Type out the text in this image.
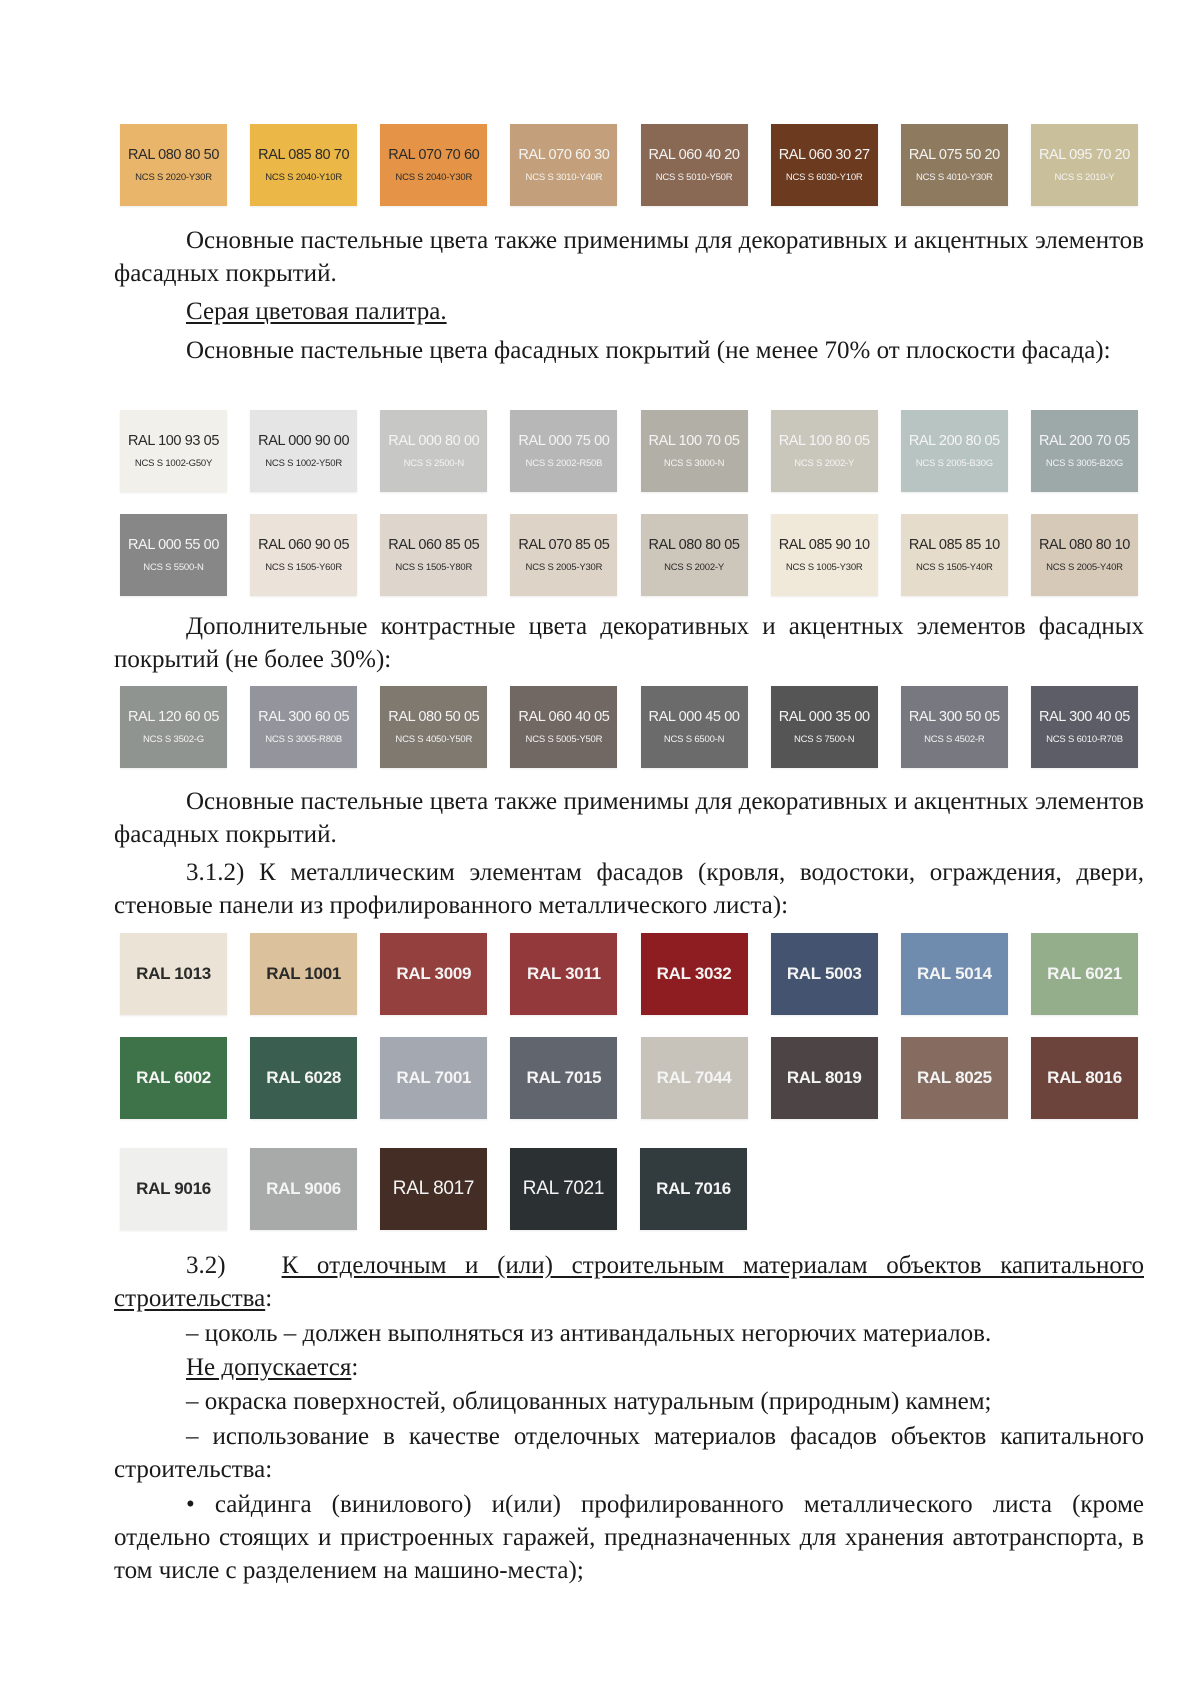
RAL 080 80 50
NCS S 2020-Y30R
RAL 085 80 70
NCS S 2040-Y10R
RAL 070 70 60
NCS S 2040-Y30R
RAL 070 60 30
NCS S 3010-Y40R
RAL 060 40 20
NCS S 5010-Y50R
RAL 060 30 27
NCS S 6030-Y10R
RAL 075 50 20
NCS S 4010-Y30R
RAL 095 70 20
NCS S 2010-Y
Основные пастельные цвета также применимы для декоративных и акцентных элементов фасадных покрытий.
Серая цветовая палитра.
Основные пастельные цвета фасадных покрытий (не менее 70% от плоскости фасада):
RAL 100 93 05
NCS S 1002-G50Y
RAL 000 90 00
NCS S 1002-Y50R
RAL 000 80 00
NCS S 2500-N
RAL 000 75 00
NCS S 2002-R50B
RAL 100 70 05
NCS S 3000-N
RAL 100 80 05
NCS S 2002-Y
RAL 200 80 05
NCS S 2005-B30G
RAL 200 70 05
NCS S 3005-B20G
RAL 000 55 00
NCS S 5500-N
RAL 060 90 05
NCS S 1505-Y60R
RAL 060 85 05
NCS S 1505-Y80R
RAL 070 85 05
NCS S 2005-Y30R
RAL 080 80 05
NCS S 2002-Y
RAL 085 90 10
NCS S 1005-Y30R
RAL 085 85 10
NCS S 1505-Y40R
RAL 080 80 10
NCS S 2005-Y40R
Дополнительные контрастные цвета декоративных и акцентных элементов фасадных покрытий (не более 30%):
RAL 120 60 05
NCS S 3502-G
RAL 300 60 05
NCS S 3005-R80B
RAL 080 50 05
NCS S 4050-Y50R
RAL 060 40 05
NCS S 5005-Y50R
RAL 000 45 00
NCS S 6500-N
RAL 000 35 00
NCS S 7500-N
RAL 300 50 05
NCS S 4502-R
RAL 300 40 05
NCS S 6010-R70B
Основные пастельные цвета также применимы для декоративных и акцентных элементов фасадных покрытий.
3.1.2) К металлическим элементам фасадов (кровля, водостоки, ограждения, двери, стеновые панели из профилированного металлического листа):
RAL 1013	RAL 1001	RAL 3009	RAL 3011	RAL 3032	RAL 5003	RAL 5014	RAL 6021
RAL 6002	RAL 6028	RAL 7001	RAL 7015	RAL 7044	RAL 8019	RAL 8025	RAL 8016
RAL 9016	RAL 9006	RAL 8017	RAL 7021	RAL 7016
3.2) К отделочным и (или) строительным материалам объектов капитального строительства:
– цоколь – должен выполняться из антивандальных негорючих материалов.
Не допускается:
– окраска поверхностей, облицованных натуральным (природным) камнем;
– использование в качестве отделочных материалов фасадов объектов капитального строительства:
• сайдинга (винилового) и(или) профилированного металлического листа (кроме отдельно стоящих и пристроенных гаражей, предназначенных для хранения автотранспорта, в том числе с разделением на машино-места);
